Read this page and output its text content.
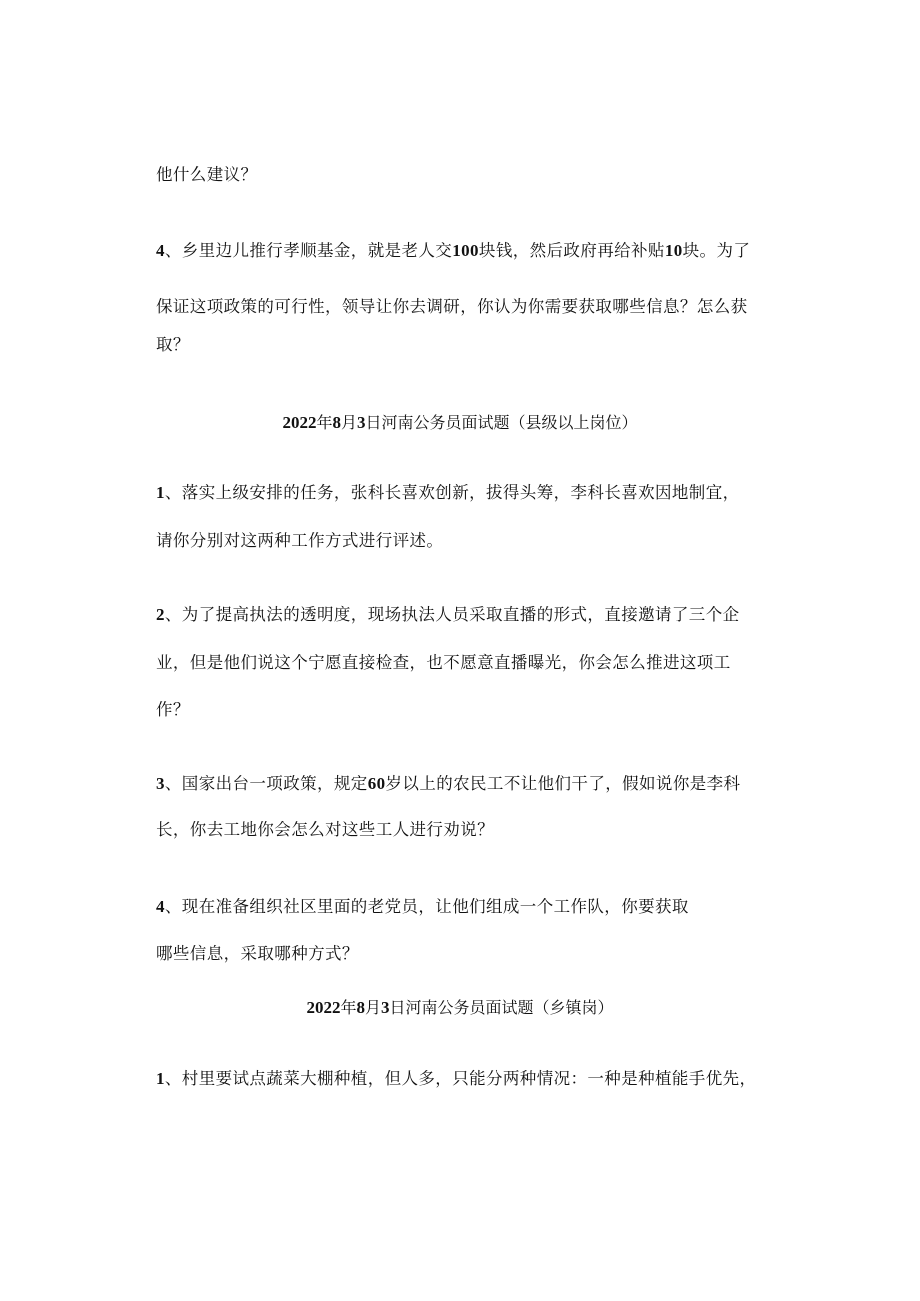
他什么建议？
4、乡里边儿推行孝顺基金，就是老人交100块钱，然后政府再给补贴10块。为了
保证这项政策的可行性，领导让你去调研，你认为你需要获取哪些信息？怎么获
取？
2022年8月3日河南公务员面试题（县级以上岗位）
1、落实上级安排的任务，张科长喜欢创新，拔得头筹，李科长喜欢因地制宜，
请你分别对这两种工作方式进行评述。
2、为了提高执法的透明度，现场执法人员采取直播的形式，直接邀请了三个企
业，但是他们说这个宁愿直接检查，也不愿意直播曝光，你会怎么推进这项工
作？
3、国家出台一项政策，规定60岁以上的农民工不让他们干了，假如说你是李科
长，你去工地你会怎么对这些工人进行劝说？
4、现在准备组织社区里面的老党员，让他们组成一个工作队，你要获取
哪些信息，采取哪种方式？
2022年8月3日河南公务员面试题（乡镇岗）
1、村里要试点蔬菜大棚种植，但人多，只能分两种情况：一种是种植能手优先，
